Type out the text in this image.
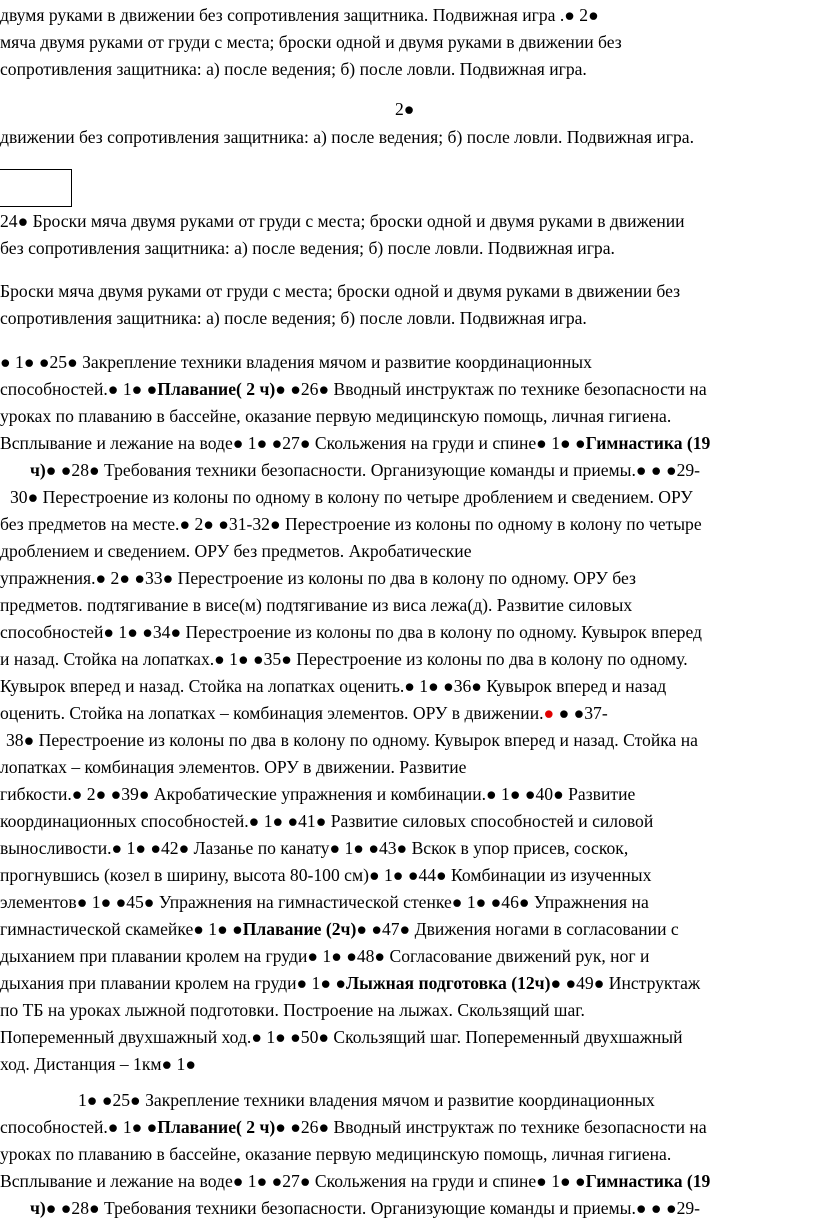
двумя руками в движении без сопротивления защитника. Подвижная игра .● 2●
мяча двумя руками от груди с места; броски одной и двумя руками в движении без
сопротивления защитника: а) после ведения; б) после ловли. Подвижная игра.
2●
движении без сопротивления защитника: а) после ведения; б) после ловли. Подвижная игра.
24● Броски мяча двумя руками от груди с места; броски одной и двумя руками в движении
без сопротивления защитника: а) после ведения; б) после ловли. Подвижная игра.
Броски мяча двумя руками от груди с места; броски одной и двумя руками в движении без
сопротивления защитника: а) после ведения; б) после ловли. Подвижная игра.
● 1● ●25● Закрепление техники владения мячом и развитие координационных
способностей.● 1● ●Плавание( 2 ч)● ●26● Вводный инструктаж по технике безопасности на
уроках по плаванию в бассейне, оказание первую медицинскую помощь, личная гигиена.
Всплывание и лежание на воде● 1● ●27● Скольжения на груди и спине● 1● ●Гимнастика (19
ч)● ●28● Требования техники безопасности. Организующие команды и приемы.● ● ●29-
30● Перестроение из колоны по одному в колону по четыре дроблением и сведением. ОРУ
без предметов на месте.● 2● ●31-32● Перестроение из колоны по одному в колону по четыре
дроблением и сведением. ОРУ без предметов. Акробатические
упражнения.● 2● ●33● Перестроение из колоны по два в колону по одному. ОРУ без
предметов. подтягивание в висе(м) подтягивание из виса лежа(д). Развитие силовых
способностей● 1● ●34● Перестроение из колоны по два в колону по одному. Кувырок вперед
и назад. Стойка на лопатках.● 1● ●35● Перестроение из колоны по два в колону по одному.
Кувырок вперед и назад. Стойка на лопатках оценить.● 1● ●36● Кувырок вперед и назад
оценить. Стойка на лопатках – комбинация элементов. ОРУ в движении.● ● ●37-
38● Перестроение из колоны по два в колону по одному. Кувырок вперед и назад. Стойка на
лопатках – комбинация элементов. ОРУ в движении. Развитие
гибкости.● 2● ●39● Акробатические упражнения и комбинации.● 1● ●40● Развитие
координационных способностей.● 1● ●41● Развитие силовых способностей и силовой
выносливости.● 1● ●42● Лазанье по канату● 1● ●43● Вскок в упор присев, соскок,
прогнувшись (козел в ширину, высота 80-100 см)● 1● ●44● Комбинации из изученных
элементов● 1● ●45● Упражнения на гимнастической стенке● 1● ●46● Упражнения на
гимнастической скамейке● 1● ●Плавание (2ч)● ●47● Движения ногами в согласовании с
дыханием при плавании кролем на груди● 1● ●48● Согласование движений рук, ног и
дыхания при плавании кролем на груди● 1● ●Лыжная подготовка (12ч)● ●49● Инструктаж
по ТБ на уроках лыжной подготовки. Построение на лыжах. Скользящий шаг.
Попеременный двухшажный ход.● 1● ●50● Скользящий шаг. Попеременный двухшажный
ход. Дистанция – 1км● 1●
1● ●25● Закрепление техники владения мячом и развитие координационных
способностей.● 1● ●Плавание( 2 ч)● ●26● Вводный инструктаж по технике безопасности на
уроках по плаванию в бассейне, оказание первую медицинскую помощь, личная гигиена.
Всплывание и лежание на воде● 1● ●27● Скольжения на груди и спине● 1● ●Гимнастика (19
ч)● ●28● Требования техники безопасности. Организующие команды и приемы.● ● ●29-
